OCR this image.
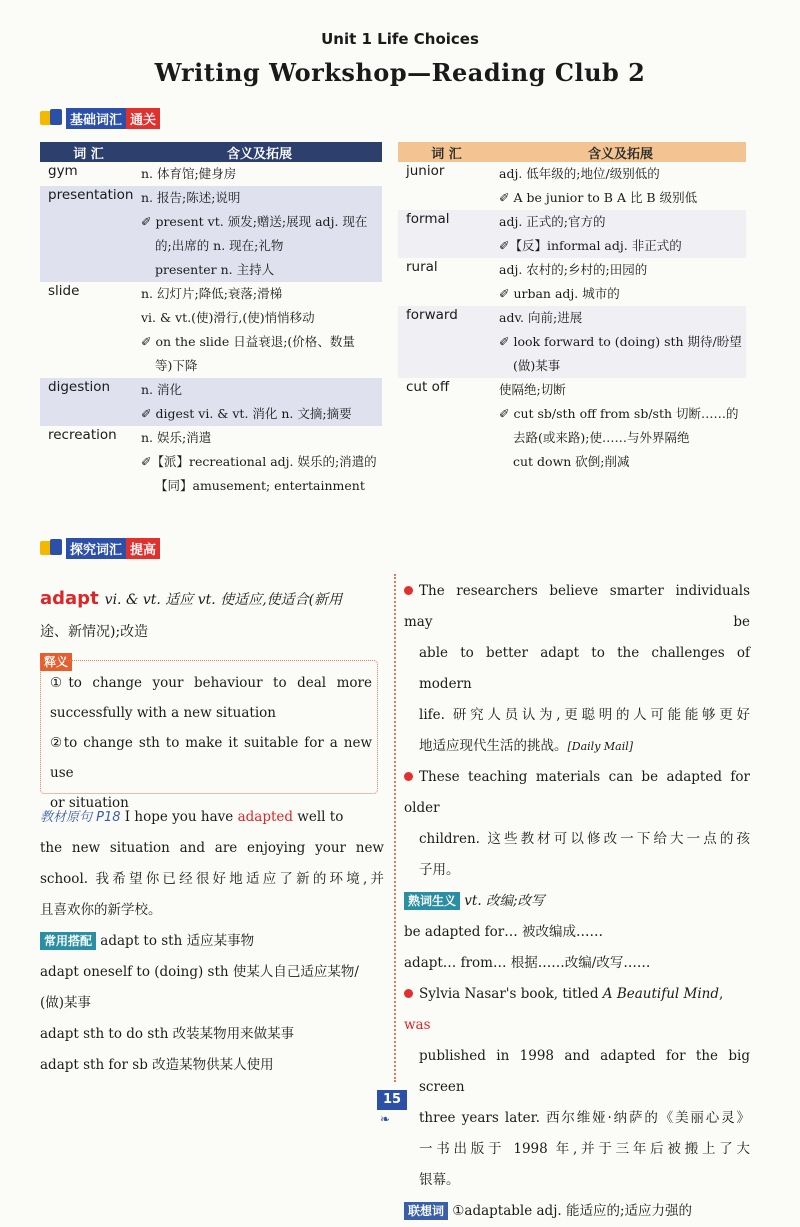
Unit 1 Life Choices
Writing Workshop—Reading Club 2
基础词汇 通关
词 汇	含义及拓展
gym	n. 体育馆;健身房

presentation	n. 报告;陈述;说明
✐ present vt. 颁发;赠送;展现 adj. 现在
的;出席的 n. 现在;礼物
presenter n. 主持人

slide	n. 幻灯片;降低;衰落;滑梯
vi. & vt.(使)滑行,(使)悄悄移动
✐ on the slide 日益衰退;(价格、数量
等)下降

digestion	n. 消化
✐ digest vi. & vt. 消化 n. 文摘;摘要

recreation	n. 娱乐;消遣
✐【派】recreational adj. 娱乐的;消遣的
【同】amusement; entertainment
词 汇	含义及拓展
junior	adj. 低年级的;地位/级别低的
✐ A be junior to B A 比 B 级别低

formal	adj. 正式的;官方的
✐【反】informal adj. 非正式的

rural	adj. 农村的;乡村的;田园的
✐ urban adj. 城市的

forward	adv. 向前;进展
✐ look forward to (doing) sth 期待/盼望
(做)某事

cut off	使隔绝;切断
✐ cut sb/sth off from sb/sth 切断……的
去路(或来路);使……与外界隔绝
cut down 砍倒;削减
探究词汇 提高
adapt vi. & vt. 适应 vt. 使适应,使适合(新用
途、新情况);改造
释义
①to change your behaviour to deal more
successfully with a new situation
②to change sth to make it suitable for a new use
or situation
教材原句 P18 I hope you have adapted well to
the new situation and are enjoying your new
school. 我希望你已经很好地适应了新的环境,并
且喜欢你的新学校。
常用搭配 adapt to sth 适应某事物
adapt oneself to (doing) sth 使某人自己适应某物/
(做)某事
adapt sth to do sth 改装某物用来做某事
adapt sth for sb 改造某物供某人使用
The researchers believe smarter individuals may be
able to better adapt to the challenges of modern
life. 研究人员认为,更聪明的人可能能够更好
地适应现代生活的挑战。[Daily Mail]
These teaching materials can be adapted for older
children. 这些教材可以修改一下给大一点的孩
子用。
熟词生义 vt. 改编;改写
be adapted for… 被改编成……
adapt… from… 根据……改编/改写……
Sylvia Nasar's book, titled A Beautiful Mind, was
published in 1998 and adapted for the big screen
three years later. 西尔维娅·纳萨的《美丽心灵》
一书出版于 1998 年,并于三年后被搬上了大
银幕。
联想词 ①adaptable adj. 能适应的;适应力强的
15
❧
